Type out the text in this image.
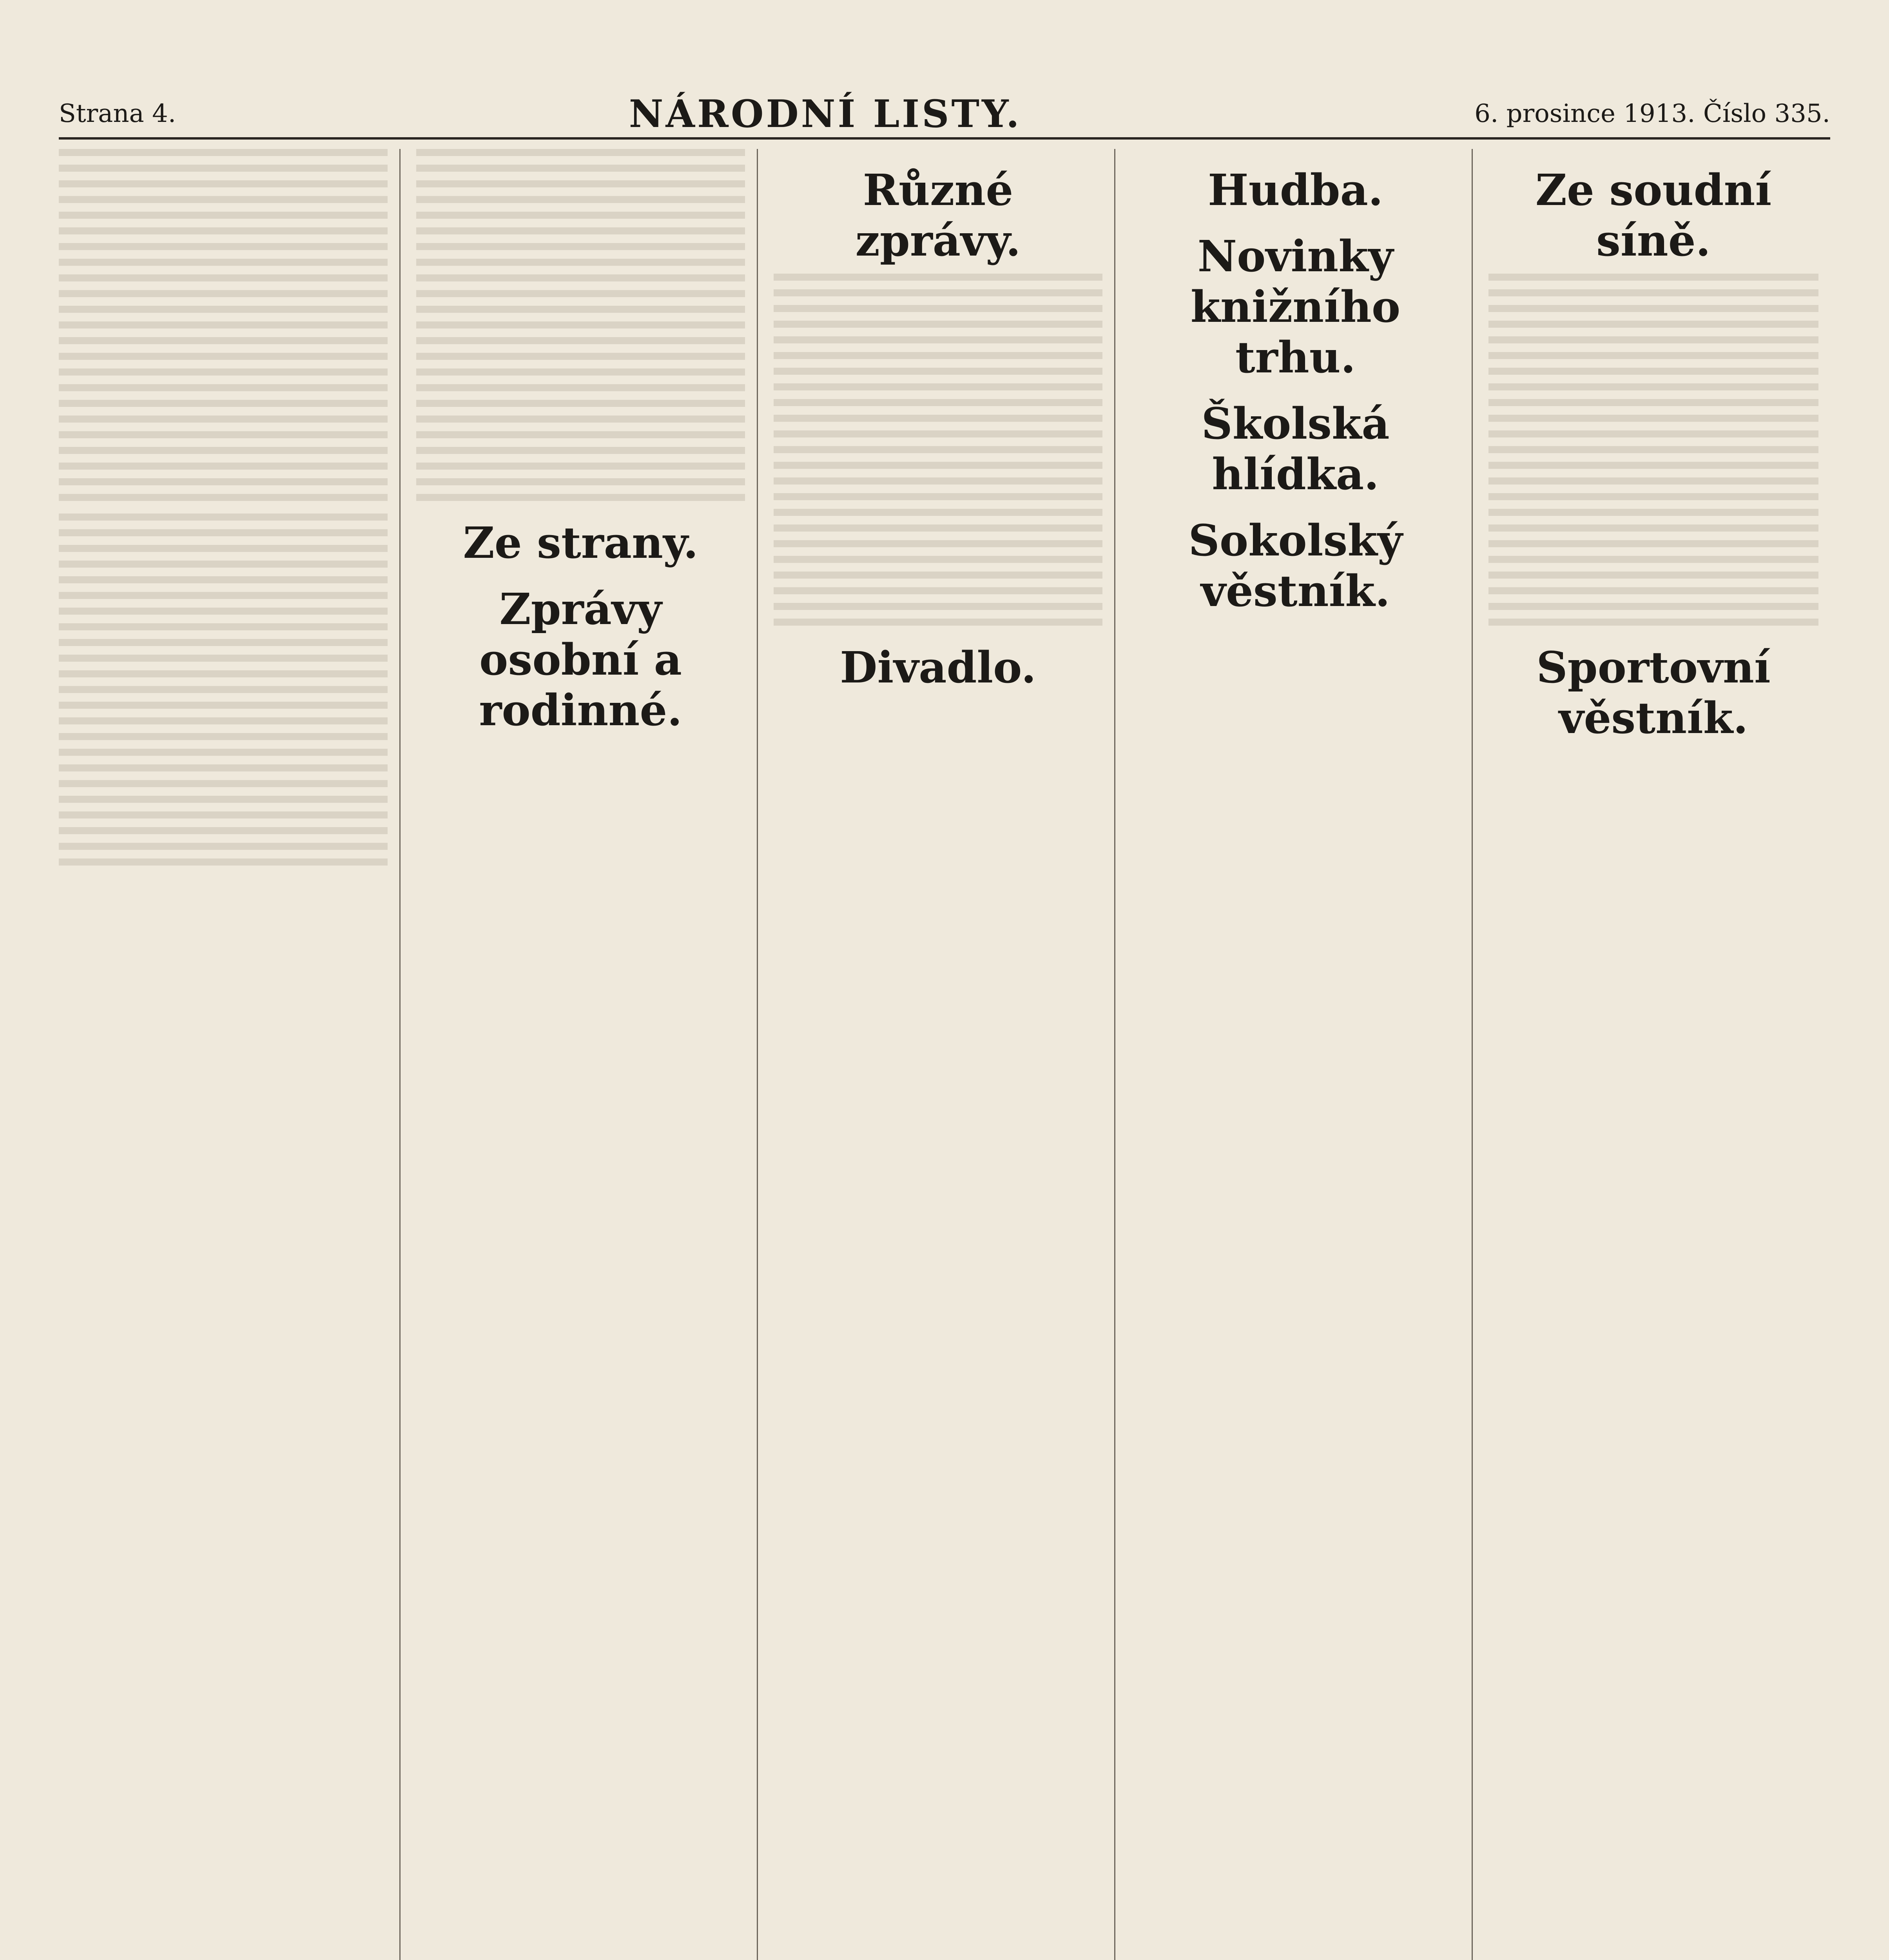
Strana 4.	NÁRODNÍ LISTY.	6. prosince 1913. Číslo 335.
Ze strany.
Zprávy osobní a rodinné.
Různé zprávy.
Divadlo.
Hudba.
Novinky knižního trhu.
Školská hlídka.
Sokolský věstník.
Ze soudní síně.
Sportovní věstník.
